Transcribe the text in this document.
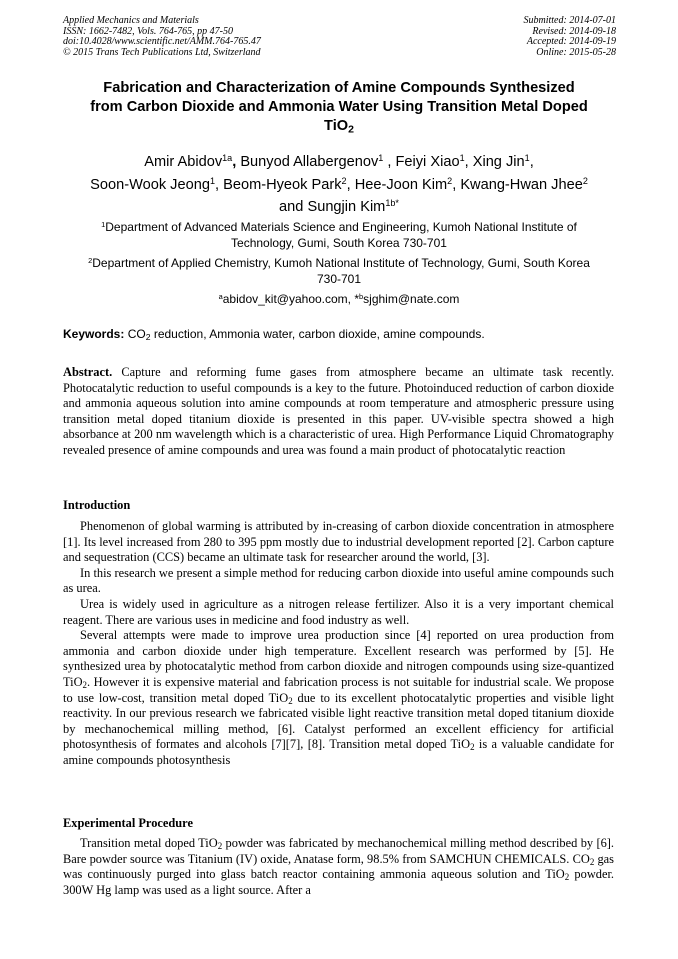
Applied Mechanics and Materials
ISSN: 1662-7482, Vols. 764-765, pp 47-50
doi:10.4028/www.scientific.net/AMM.764-765.47
© 2015 Trans Tech Publications Ltd, Switzerland
Submitted: 2014-07-01
Revised: 2014-09-18
Accepted: 2014-09-19
Online: 2015-05-28
Fabrication and Characterization of Amine Compounds Synthesized
from Carbon Dioxide and Ammonia Water Using Transition Metal Doped
TiO$_2$
Amir Abidov$^{1a}$, Bunyod Allabergenov$^1$ , Feiyi Xiao$^1$, Xing Jin$^1$,
Soon-Wook Jeong$^1$, Beom-Hyeok Park$^2$, Hee-Joon Kim$^2$, Kwang-Hwan Jhee$^2$
and Sungjin Kim$^{1b*}$
$^1$Department of Advanced Materials Science and Engineering, Kumoh National Institute of
Technology, Gumi, South Korea 730-701
$^2$Department of Applied Chemistry, Kumoh National Institute of Technology, Gumi, South Korea
730-701
$^a$abidov_kit@yahoo.com, *$^b$sjghim@nate.com
Keywords: $CO_2$ reduction, Ammonia water, carbon dioxide, amine compounds.
Abstract. Capture and reforming fume gases from atmosphere became an ultimate task recently. Photocatalytic reduction to useful compounds is a key to the future. Photoinduced reduction of carbon dioxide and ammonia aqueous solution into amine compounds at room temperature and atmospheric pressure using transition metal doped titanium dioxide is presented in this paper. UV-visible spectra showed a high absorbance at 200 nm wavelength which is a characteristic of urea. High Performance Liquid Chromatography revealed presence of amine compounds and urea was found a main product of photocatalytic reaction
Introduction

Phenomenon of global warming is attributed by in-creasing of carbon dioxide concentration in atmosphere [1]. Its level increased from 280 to 395 ppm mostly due to industrial development reported [2]. Carbon capture and sequestration (CCS) became an ultimate task for researcher around the world, [3].

In this research we present a simple method for reducing carbon dioxide into useful amine compounds such as urea.

Urea is widely used in agriculture as a nitrogen release fertilizer. Also it is a very important chemical reagent. There are various uses in medicine and food industry as well.

Several attempts were made to improve urea production since [4] reported on urea production from ammonia and carbon dioxide under high temperature. Excellent research was performed by [5]. He synthesized urea by photocatalytic method from carbon dioxide and nitrogen compounds using size-quantized TiO$_2$. However it is expensive material and fabrication process is not suitable for industrial scale. We propose to use low-cost, transition metal doped TiO$_2$ due to its excellent photocatalytic properties and visible light reactivity. In our previous research we fabricated visible light reactive transition metal doped titanium dioxide by mechanochemical milling method, [6]. Catalyst performed an excellent efficiency for artificial photosynthesis of formates and alcohols [7][7], [8]. Transition metal doped TiO$_2$ is a valuable candidate for amine compounds photosynthesis

Experimental Procedure

Transition metal doped TiO$_2$ powder was fabricated by mechanochemical milling method described by [6]. Bare powder source was Titanium (IV) oxide, Anatase form, 98.5% from SAMCHUN CHEMICALS. $CO_2$ gas was continuously purged into glass batch reactor containing ammonia aqueous solution and TiO$_2$ powder. 300W Hg lamp was used as a light source. After a
